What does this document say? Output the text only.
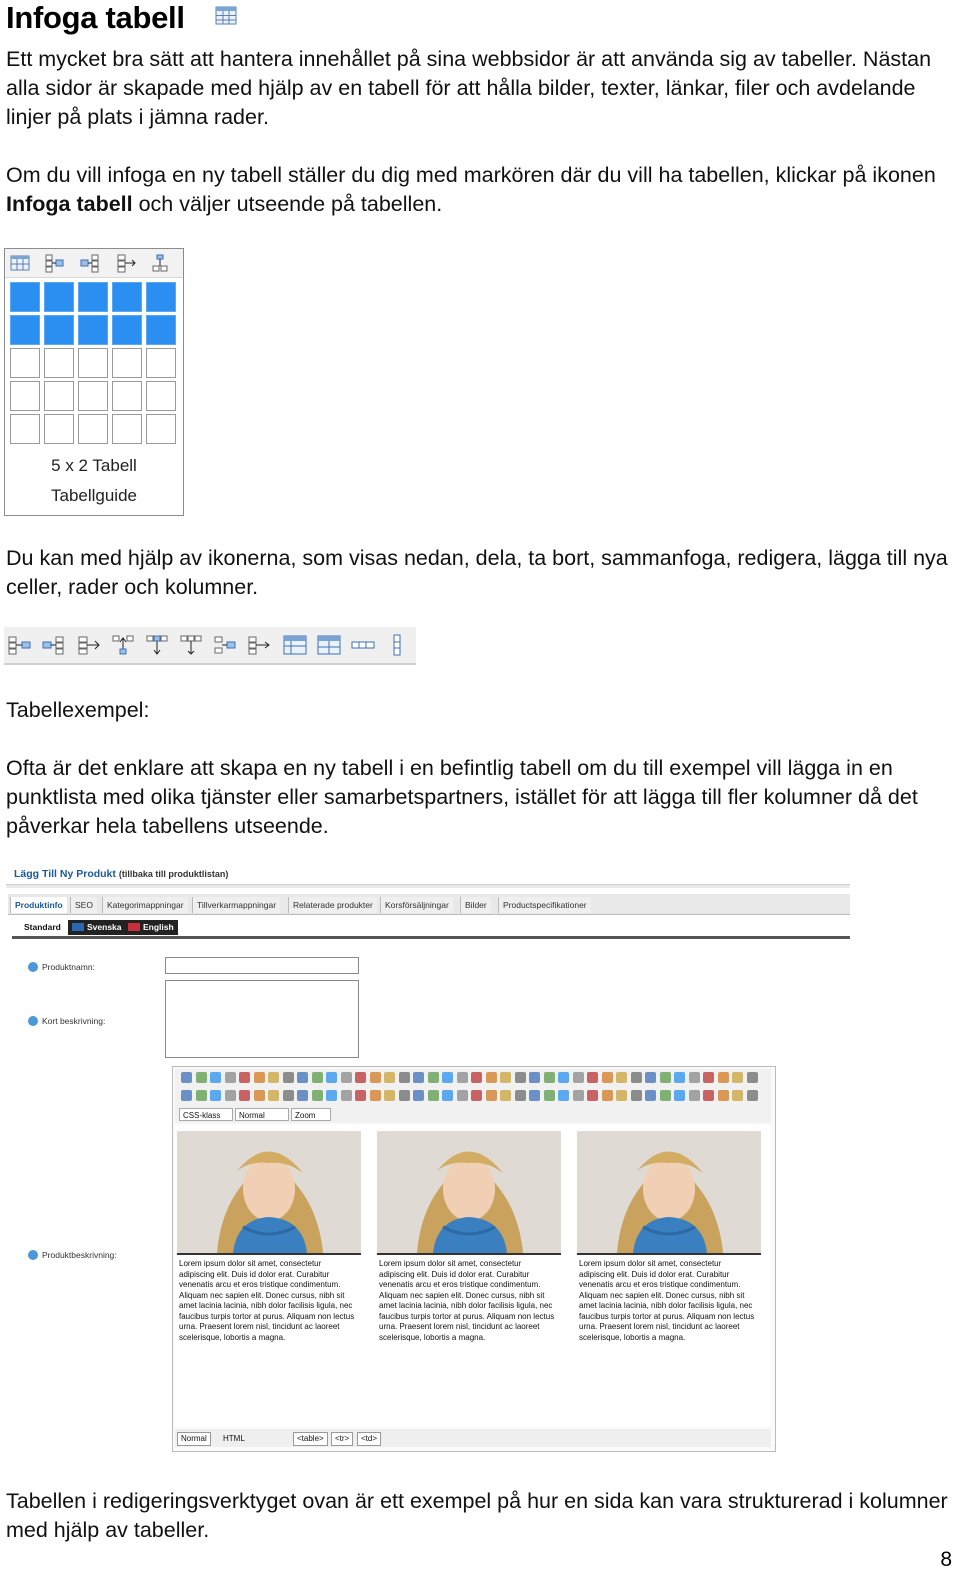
Infoga tabell

Ett mycket bra sätt att hantera innehållet på sina webbsidor är att använda sig av tabeller. Nästan alla sidor är skapade med hjälp av en tabell för att hålla bilder, texter, länkar, filer och avdelande linjer på plats i jämna rader.

Om du vill infoga en ny tabell ställer du dig med markören där du vill ha tabellen, klickar på ikonen Infoga tabell och väljer utseende på tabellen.

5 x 2 Tabell
Tabellguide

Du kan med hjälp av ikonerna, som visas nedan, dela, ta bort, sammanfoga, redigera, lägga till nya celler, rader och kolumner.

Tabellexempel:

Ofta är det enklare att skapa en ny tabell i en befintlig tabell om du till exempel vill lägga in en punktlista med olika tjänster eller samarbetspartners, istället för att lägga till fler kolumner då det påverkar hela tabellens utseende.

Lägg Till Ny Produkt (tillbaka till produktlistan)
Produktinfo	SEO	Kategorimappningar	Tillverkarmappningar	Relaterade produkter	Korsförsäljningar	Bilder	Productspecifikationer
Standard	Svenska	English
Produktnamn:
Kort beskrivning:
Produktbeskrivning:
CSS-klass	Normal	Zoom

Lorem ipsum dolor sit amet, consectetur adipiscing elit. Duis id dolor erat. Curabitur venenatis arcu et eros tristique condimentum. Aliquam nec sapien elit. Donec cursus, nibh sit amet lacinia lacinia, nibh dolor facilisis ligula, nec faucibus turpis tortor at purus. Aliquam non lectus urna. Praesent lorem nisl, tincidunt ac laoreet scelerisque, lobortis a magna.

Lorem ipsum dolor sit amet, consectetur adipiscing elit. Duis id dolor erat. Curabitur venenatis arcu et eros tristique condimentum. Aliquam nec sapien elit. Donec cursus, nibh sit amet lacinia lacinia, nibh dolor facilisis ligula, nec faucibus turpis tortor at purus. Aliquam non lectus urna. Praesent lorem nisl, tincidunt ac laoreet scelerisque, lobortis a magna.

Lorem ipsum dolor sit amet, consectetur adipiscing elit. Duis id dolor erat. Curabitur venenatis arcu et eros tristique condimentum. Aliquam nec sapien elit. Donec cursus, nibh sit amet lacinia lacinia, nibh dolor facilisis ligula, nec faucibus turpis tortor at purus. Aliquam non lectus urna. Praesent lorem nisl, tincidunt ac laoreet scelerisque, lobortis a magna.

Normal	HTML	<table>	<tr>	<td>

Tabellen i redigeringsverktyget ovan är ett exempel på hur en sida kan vara strukturerad i kolumner med hjälp av tabeller.

8
